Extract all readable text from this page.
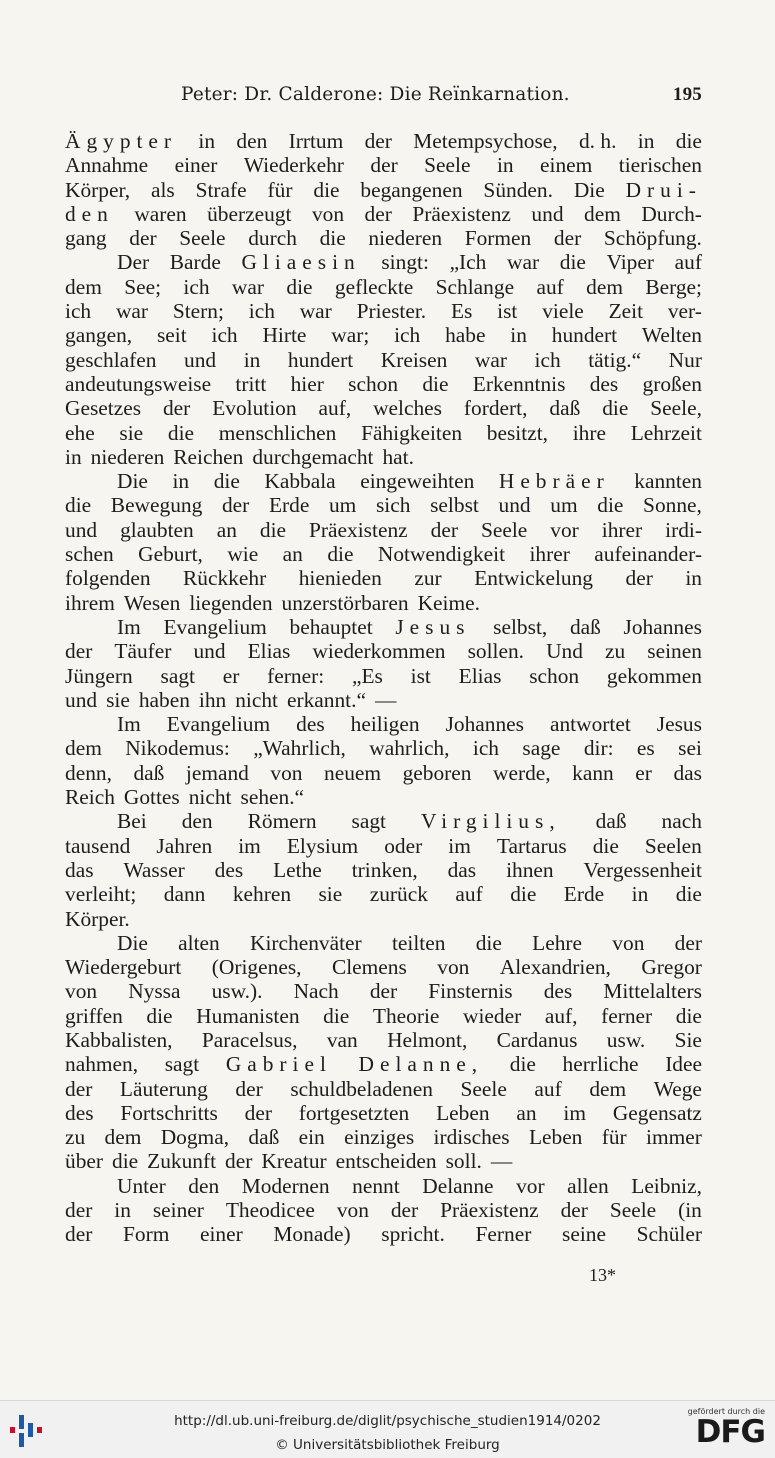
Peter: Dr. Calderone: Die Reïnkarnation.	195
Ägypter in den Irrtum der Metempsychose, d. h. in die
Annahme einer Wiederkehr der Seele in einem tierischen
Körper, als Strafe für die begangenen Sünden. Die Drui-
den waren überzeugt von der Präexistenz und dem Durch-
gang der Seele durch die niederen Formen der Schöpfung.
Der Barde Gliaesin singt: „Ich war die Viper auf
dem See; ich war die gefleckte Schlange auf dem Berge;
ich war Stern; ich war Priester. Es ist viele Zeit ver-
gangen, seit ich Hirte war; ich habe in hundert Welten
geschlafen und in hundert Kreisen war ich tätig.“ Nur
andeutungsweise tritt hier schon die Erkenntnis des großen
Gesetzes der Evolution auf, welches fordert, daß die Seele,
ehe sie die menschlichen Fähigkeiten besitzt, ihre Lehrzeit
in niederen Reichen durchgemacht hat.
Die in die Kabbala eingeweihten Hebräer kannten
die Bewegung der Erde um sich selbst und um die Sonne,
und glaubten an die Präexistenz der Seele vor ihrer irdi-
schen Geburt, wie an die Notwendigkeit ihrer aufeinander-
folgenden Rückkehr hienieden zur Entwickelung der in
ihrem Wesen liegenden unzerstörbaren Keime.
Im Evangelium behauptet Jesus selbst, daß Johannes
der Täufer und Elias wiederkommen sollen. Und zu seinen
Jüngern sagt er ferner: „Es ist Elias schon gekommen
und sie haben ihn nicht erkannt.“ —
Im Evangelium des heiligen Johannes antwortet Jesus
dem Nikodemus: „Wahrlich, wahrlich, ich sage dir: es sei
denn, daß jemand von neuem geboren werde, kann er das
Reich Gottes nicht sehen.“
Bei den Römern sagt Virgilius, daß nach
tausend Jahren im Elysium oder im Tartarus die Seelen
das Wasser des Lethe trinken, das ihnen Vergessenheit
verleiht; dann kehren sie zurück auf die Erde in die
Körper.
Die alten Kirchenväter teilten die Lehre von der
Wiedergeburt (Origenes, Clemens von Alexandrien, Gregor
von Nyssa usw.). Nach der Finsternis des Mittelalters
griffen die Humanisten die Theorie wieder auf, ferner die
Kabbalisten, Paracelsus, van Helmont, Cardanus usw. Sie
nahmen, sagt Gabriel Delanne, die herrliche Idee
der Läuterung der schuldbeladenen Seele auf dem Wege
des Fortschritts der fortgesetzten Leben an im Gegensatz
zu dem Dogma, daß ein einziges irdisches Leben für immer
über die Zukunft der Kreatur entscheiden soll. —
Unter den Modernen nennt Delanne vor allen Leibniz,
der in seiner Theodicee von der Präexistenz der Seele (in
der Form einer Monade) spricht. Ferner seine Schüler
13*
http://dl.ub.uni-freiburg.de/diglit/psychische_studien1914/0202
© Universitätsbibliothek Freiburg
gefördert durch die
DFG
